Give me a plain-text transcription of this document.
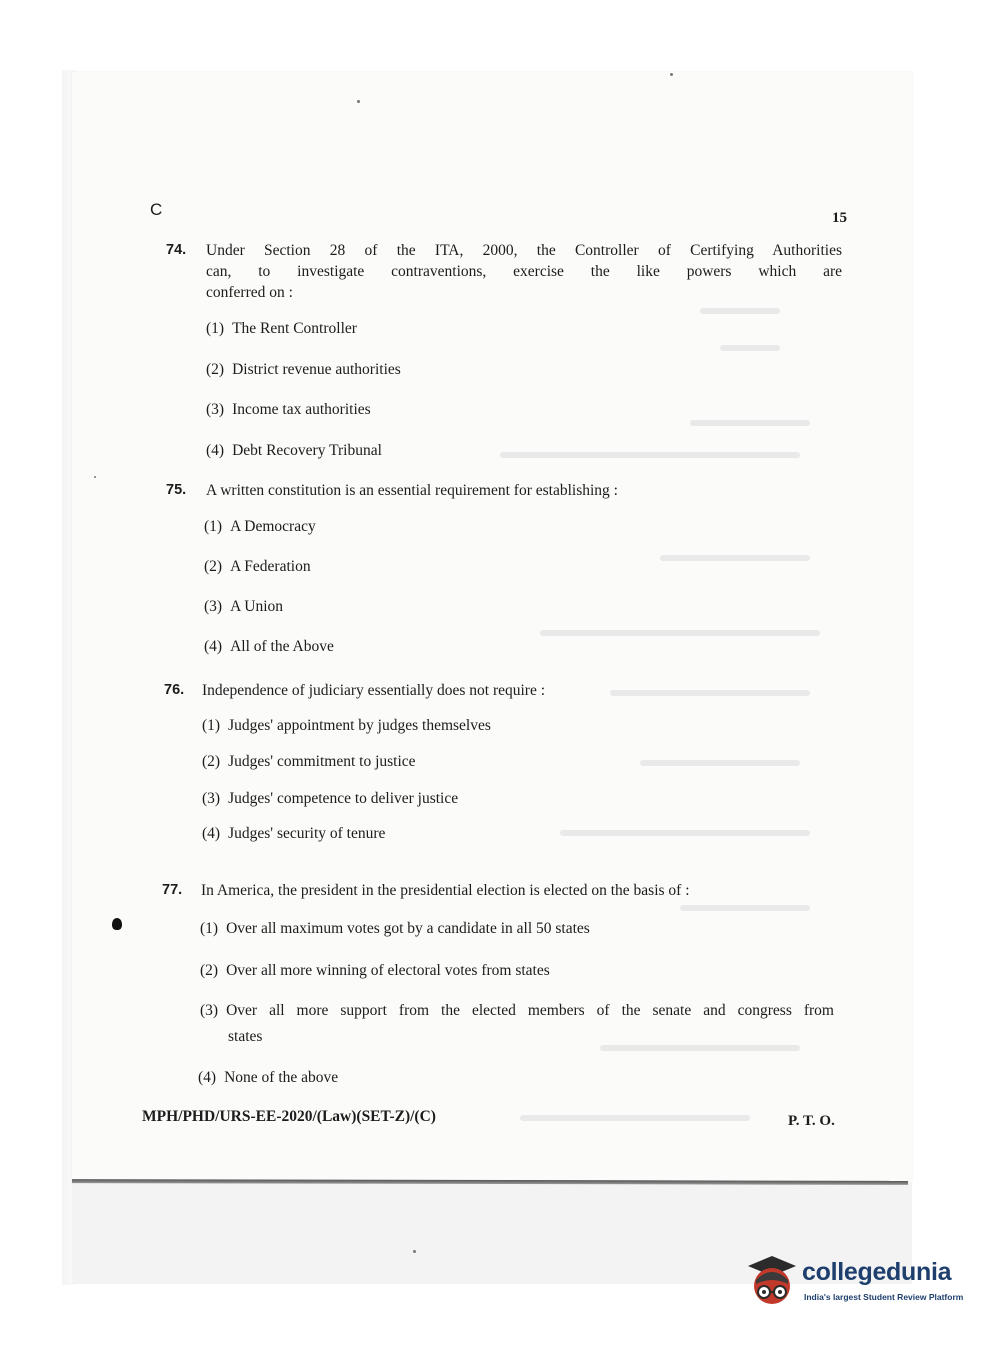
C	15
74. Under Section 28 of the ITA, 2000, the Controller of Certifying Authorities
can, to investigate contraventions, exercise the like powers which are
conferred on :
(1) The Rent Controller
(2) District revenue authorities
(3) Income tax authorities
(4) Debt Recovery Tribunal
75. A written constitution is an essential requirement for establishing :
(1) A Democracy
(2) A Federation
(3) A Union
(4) All of the Above
76. Independence of judiciary essentially does not require :
(1) Judges' appointment by judges themselves
(2) Judges' commitment to justice
(3) Judges' competence to deliver justice
(4) Judges' security of tenure
77. In America, the president in the presidential election is elected on the basis of :
(1) Over all maximum votes got by a candidate in all 50 states
(2) Over all more winning of electoral votes from states
(3) Over all more support from the elected members of the senate and congress from
states
(4) None of the above
MPH/PHD/URS-EE-2020/(Law)(SET-Z)/(C)	P. T. O.
collegedunia
India's largest Student Review Platform
